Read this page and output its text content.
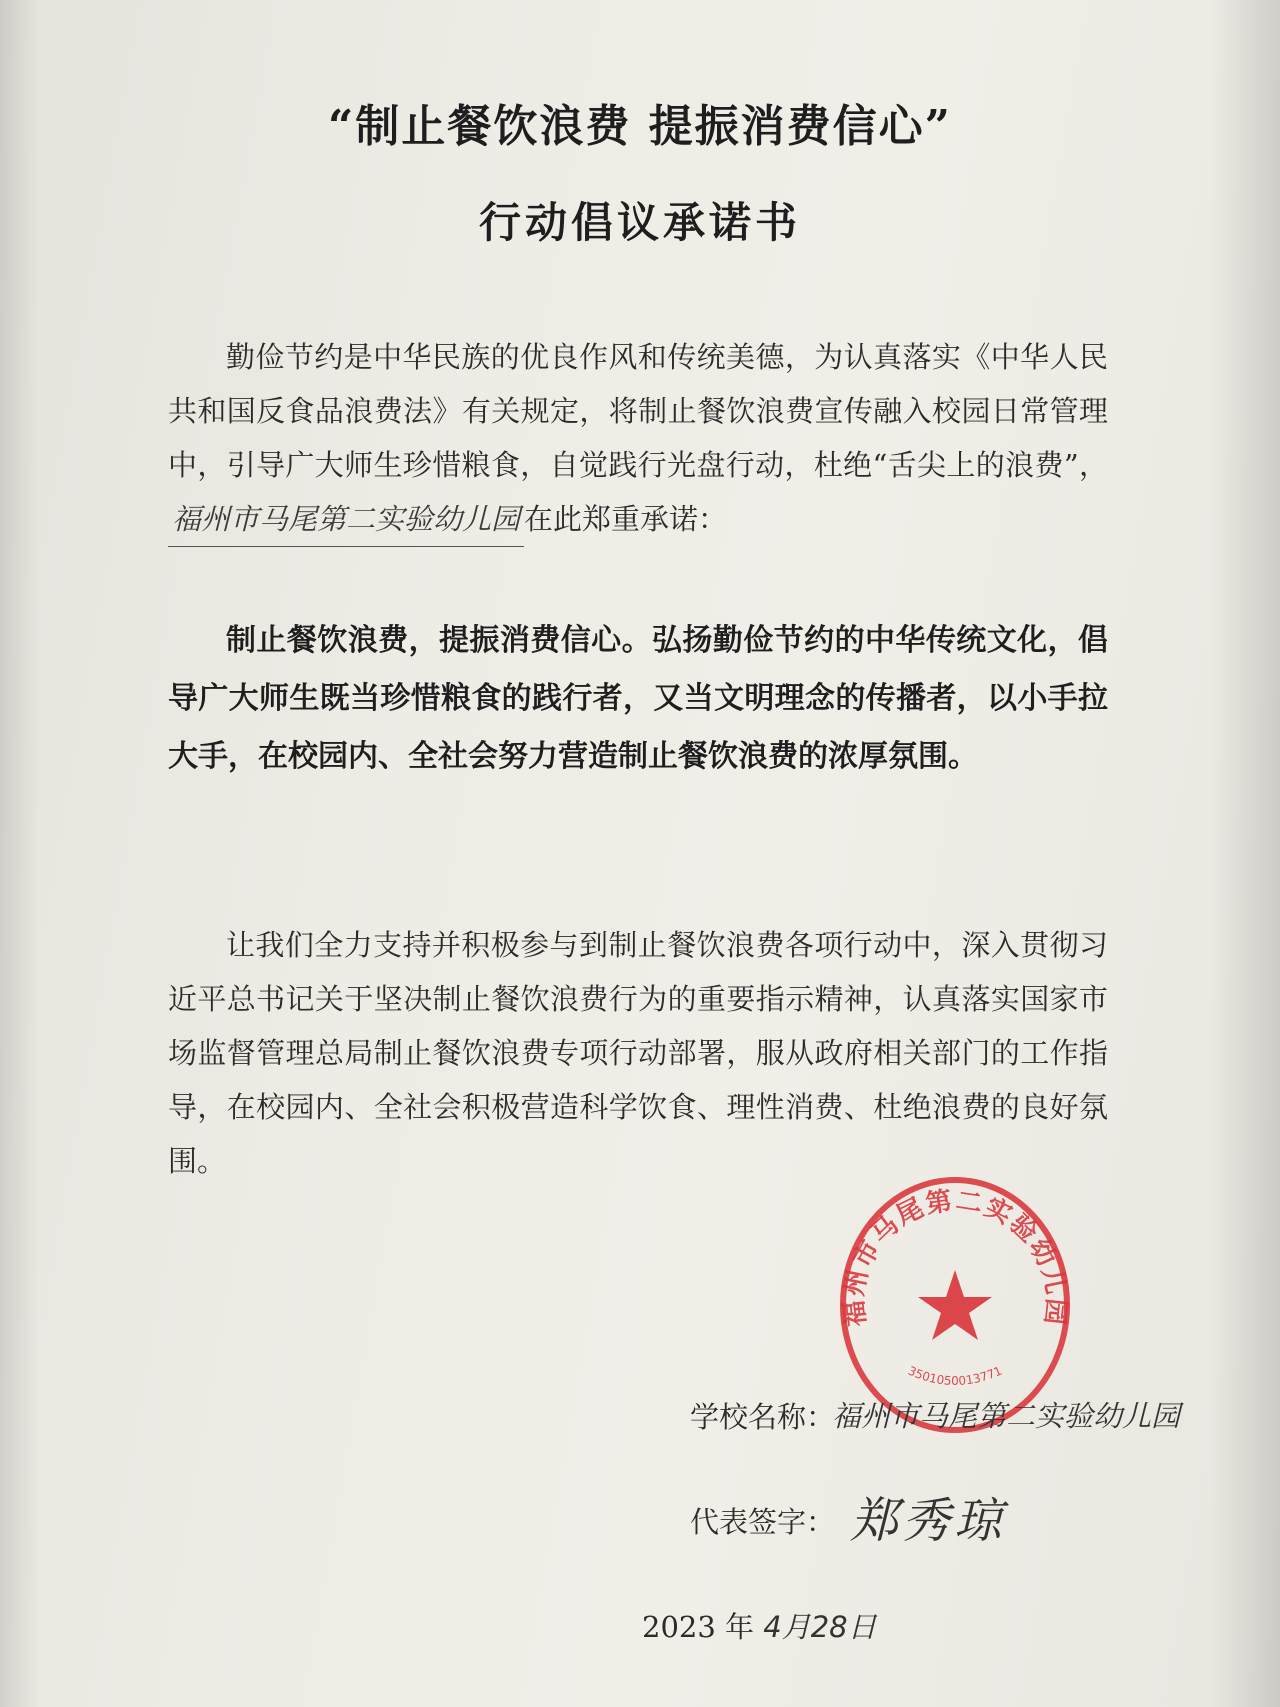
“制止餐饮浪费 提振消费信心”
行动倡议承诺书
勤俭节约是中华民族的优良作风和传统美德，为认真落实《中华人民共和国反食品浪费法》有关规定，将制止餐饮浪费宣传融入校园日常管理中，引导广大师生珍惜粮食，自觉践行光盘行动，杜绝“舌尖上的浪费”，福州市马尾第二实验幼儿园 在此郑重承诺：
制止餐饮浪费，提振消费信心。弘扬勤俭节约的中华传统文化，倡导广大师生既当珍惜粮食的践行者，又当文明理念的传播者，以小手拉大手，在校园内、全社会努力营造制止餐饮浪费的浓厚氛围。
让我们全力支持并积极参与到制止餐饮浪费各项行动中，深入贯彻习近平总书记关于坚决制止餐饮浪费行为的重要指示精神，认真落实国家市场监督管理总局制止餐饮浪费专项行动部署，服从政府相关部门的工作指导，在校园内、全社会积极营造科学饮食、理性消费、杜绝浪费的良好氛围。
福州市马尾第二实验幼儿园
3501050013771
学校名称：
福州市马尾第二实验幼儿园
代表签字： 郑秀琼
2023 年 4月28日
